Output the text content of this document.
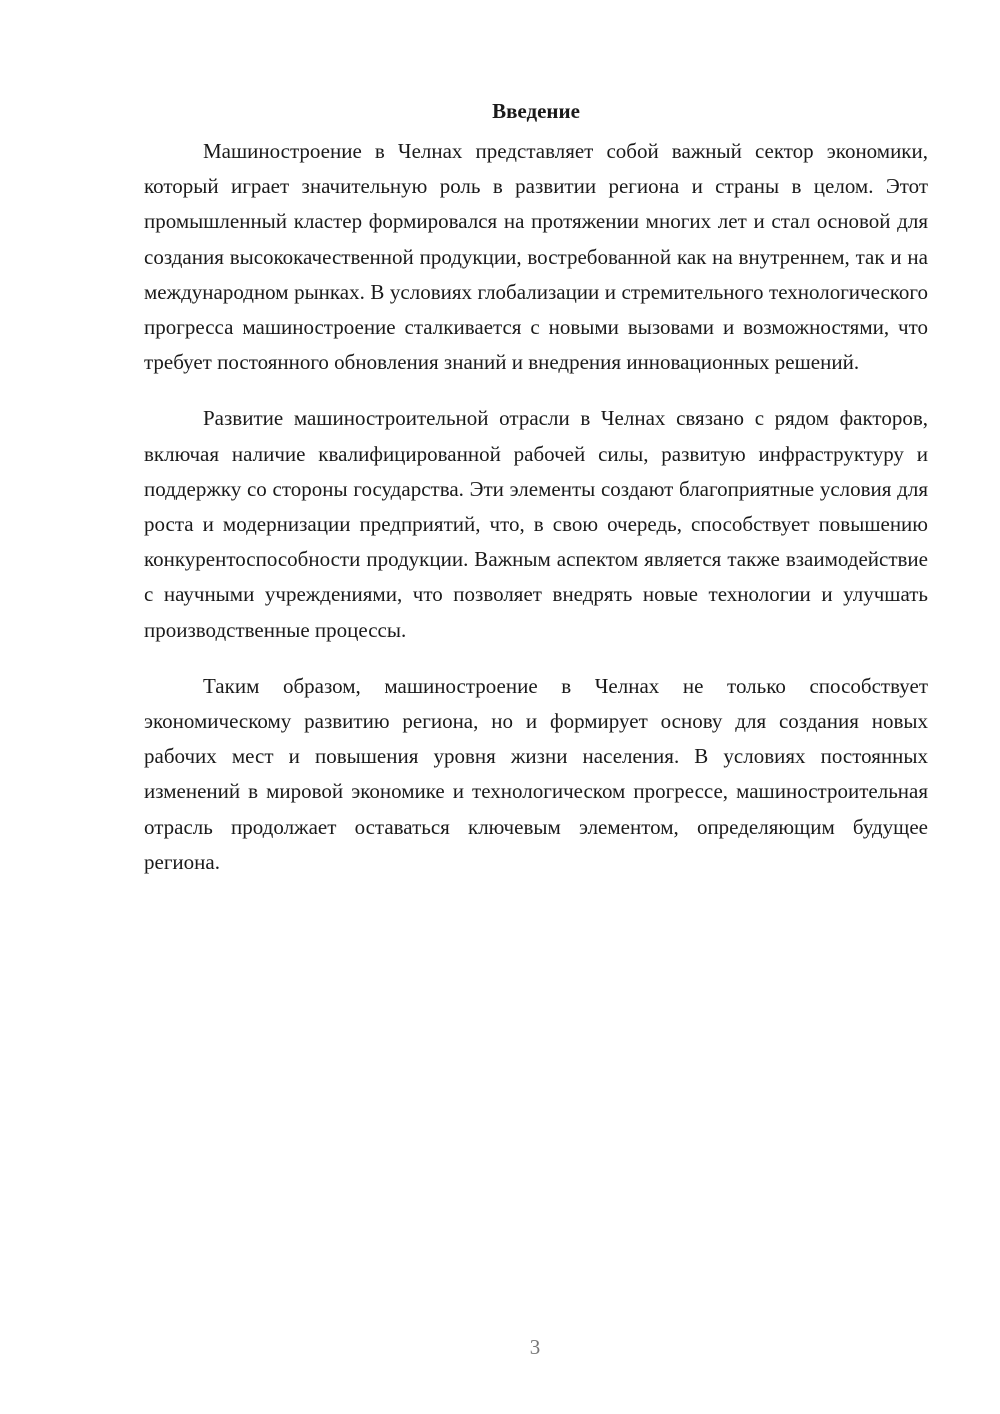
Введение

Машиностроение в Челнах представляет собой важный сектор экономики, который играет значительную роль в развитии региона и страны в целом. Этот промышленный кластер формировался на протяжении многих лет и стал основой для создания высококачественной продукции, востребованной как на внутреннем, так и на международном рынках. В условиях глобализации и стремительного технологического прогресса машиностроение сталкивается с новыми вызовами и возможностями, что требует постоянного обновления знаний и внедрения инновационных решений.

Развитие машиностроительной отрасли в Челнах связано с рядом факторов, включая наличие квалифицированной рабочей силы, развитую инфраструктуру и поддержку со стороны государства. Эти элементы создают благоприятные условия для роста и модернизации предприятий, что, в свою очередь, способствует повышению конкурентоспособности продукции. Важным аспектом является также взаимодействие с научными учреждениями, что позволяет внедрять новые технологии и улучшать производственные процессы.

Таким образом, машиностроение в Челнах не только способствует экономическому развитию региона, но и формирует основу для создания новых рабочих мест и повышения уровня жизни населения. В условиях постоянных изменений в мировой экономике и технологическом прогрессе, машиностроительная отрасль продолжает оставаться ключевым элементом, определяющим будущее региона.

3
